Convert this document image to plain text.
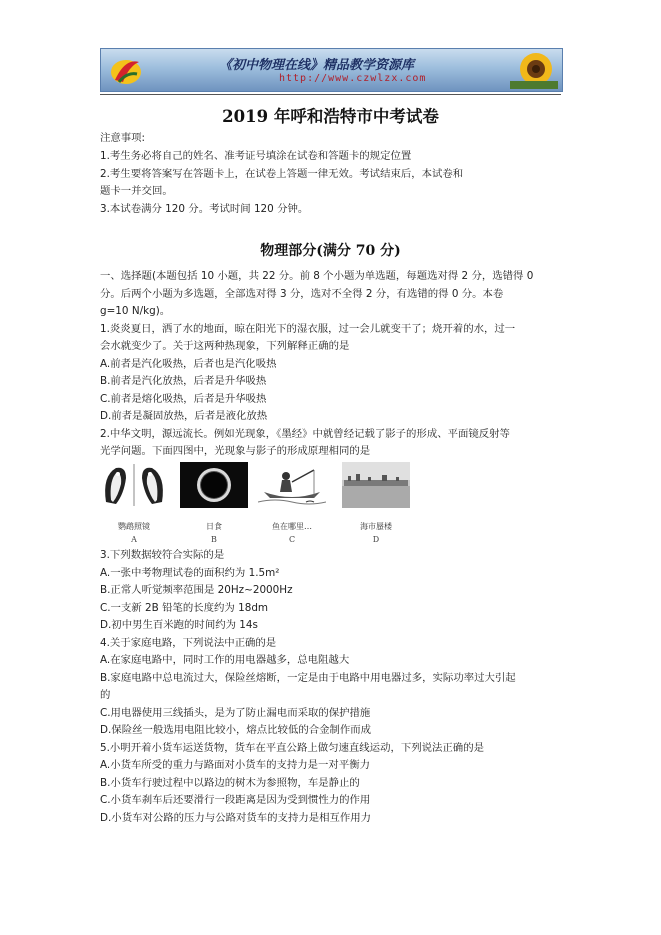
《初中物理在线》精品教学资源库
http://www.czwlzx.com
2019 年呼和浩特市中考试卷
注意事项:
1.考生务必将自己的姓名、准考证号填涂在试卷和答题卡的规定位置
2.考生要将答案写在答题卡上，在试卷上答题一律无效。考试结束后，本试卷和
题卡一并交回。
3.本试卷满分 120 分。考试时间 120 分钟。
物理部分(满分 70 分)
一、选择题(本题包括 10 小题，共 22 分。前 8 个小题为单选题，每题选对得 2 分，选错得 0
分。后两个小题为多选题，全部选对得 3 分，选对不全得 2 分，有选错的得 0 分。本卷
g=10 N/kg)。
1.炎炎夏日，洒了水的地面，晾在阳光下的湿衣服，过一会儿就变干了；烧开着的水，过一
会水就变少了。关于这两种热现象，下列解释正确的是
A.前者是汽化吸热，后者也是汽化吸热
B.前者是汽化放热，后者是升华吸热
C.前者是熔化吸热，后者是升华吸热
D.前者是凝固放热，后者是液化放热
2.中华文明，源远流长。例如光现象，《墨经》中就曾经记载了影子的形成、平面镜反射等
光学问题。下面四图中，光现象与影子的形成原理相同的是
鹦鹉照镜
A
日食
B
鱼在哪里…
C
海市蜃楼
D
3.下列数据较符合实际的是
A.一张中考物理试卷的面积约为 1.5m²
B.正常人听觉频率范围是 20Hz~2000Hz
C.一支新 2B 铅笔的长度约为 18dm
D.初中男生百米跑的时间约为 14s
4.关于家庭电路，下列说法中正确的是
A.在家庭电路中，同时工作的用电器越多，总电阻越大
B.家庭电路中总电流过大，保险丝熔断，一定是由于电路中用电器过多，实际功率过大引起
的
C.用电器使用三线插头，是为了防止漏电而采取的保护措施
D.保险丝一般选用电阻比较小，熔点比较低的合金制作而成
5.小明开着小货车运送货物，货车在平直公路上做匀速直线运动，下列说法正确的是
A.小货车所受的重力与路面对小货车的支持力是一对平衡力
B.小货车行驶过程中以路边的树木为参照物，车是静止的
C.小货车刹车后还要滑行一段距离是因为受到惯性力的作用
D.小货车对公路的压力与公路对货车的支持力是相互作用力
